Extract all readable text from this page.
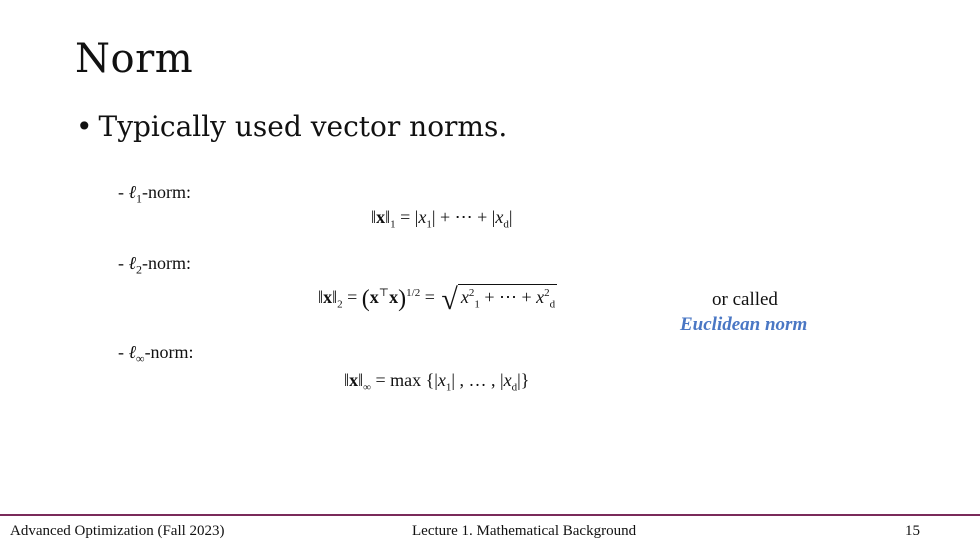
Norm
• Typically used vector norms.
- ℓ$_1$-norm:
$‖x‖_1 = |x_1|$ + ⋯ + $|x_d|$
- ℓ$_2$-norm:
$‖x‖_2 = (x^⊤x)^{1/2}$ = √ $x^2_1$ + ⋯ + $x^2_d$	or called
Euclidean norm
- ℓ$_\infty$-norm:
$‖x‖_\infty = \max \{|x_1|$ , … , $|x_d|$}
Advanced Optimization (Fall 2023)	Lecture 1. Mathematical Background	15
